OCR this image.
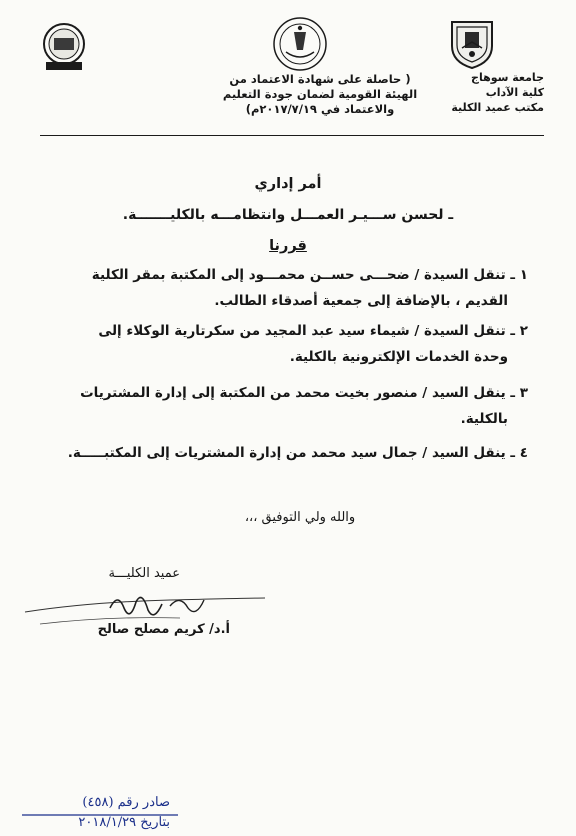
جامعة سوهاج
كلية الآداب
مكتب عميد الكلية
( حاصلة على شهادة الاعتماد من
الهيئة القومية لضمان جودة التعليم
والاعتماد في ٢٠١٧/٧/١٩م)
أمر إداري
ـ لحسن ســـيـر العمـــل وانتظامـــه بالكليـــــــة.
قررنا
١ ـ تنقل السيدة / ضحـــى حســن محمـــود إلى المكتبة بمقر الكلية
القديم ، بالإضافة إلى جمعية أصدقاء الطالب.
٢ ـ تنقل السيدة / شيماء سيد عبد المجيد من سكرتارية الوكلاء إلى
وحدة الخدمات الإلكترونية بالكلية.
٣ ـ ينقل السيد / منصور بخيت محمد من المكتبة إلى إدارة المشتريات
بالكلية.
٤ ـ ينقل السيد / جمال سيد محمد من إدارة المشتريات إلى المكتبـــــة.
والله ولي التوفيق ،،،
عميد الكليـــة
أ.د/ كريم مصلح صالح
صادر رقم (٤٥٨)
بتاريخ ٢٠١٨/١/٢٩
